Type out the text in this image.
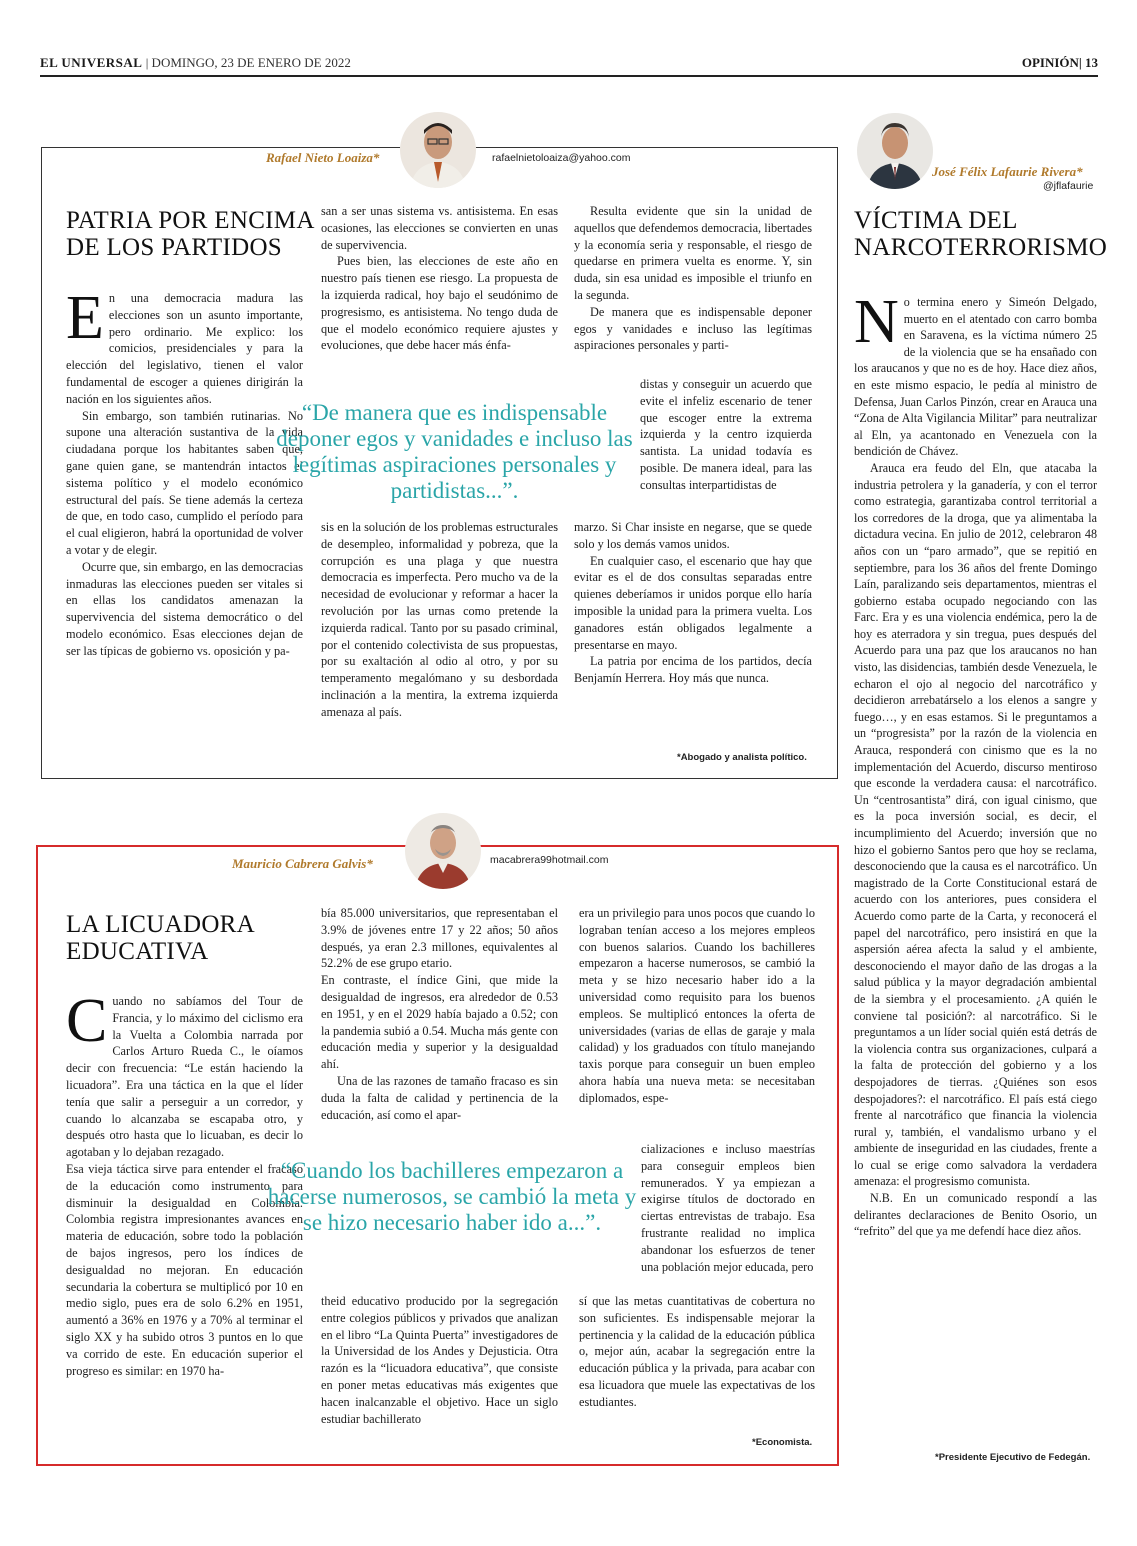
EL UNIVERSAL | DOMINGO, 23 DE ENERO DE 2022	OPINIÓN| 13
Rafael Nieto Loaiza*	rafaelnietoloaiza@yahoo.com
PATRIA POR ENCIMA
DE LOS PARTIDOS

En una democracia madura las elecciones son un asunto importante, pero ordinario. Me explico: los comicios, presidenciales y para la elección del legislativo, tienen el valor fundamental de escoger a quienes dirigirán la nación en los siguientes años.

Sin embargo, son también rutinarias. No supone una alteración sustantiva de la vida ciudadana porque los habitantes saben que, gane quien gane, se mantendrán intactos el sistema político y el modelo económico estructural del país. Se tiene además la certeza de que, en todo caso, cumplido el período para el cual eligieron, habrá la oportunidad de volver a votar y de elegir.

Ocurre que, sin embargo, en las democracias inmaduras las elecciones pueden ser vitales si en ellas los candidatos amenazan la supervivencia del sistema democrático o del modelo económico. Esas elecciones dejan de ser las típicas de gobierno vs. oposición y pa-

san a ser unas sistema vs. antisistema. En esas ocasiones, las elecciones se convierten en unas de supervivencia.

Pues bien, las elecciones de este año en nuestro país tienen ese riesgo. La propuesta de la izquierda radical, hoy bajo el seudónimo de progresismo, es antisistema. No tengo duda de que el modelo económico requiere ajustes y evoluciones, que debe hacer más énfa-

“De manera que es indispensable deponer egos y vanidades e incluso las legítimas aspiraciones personales y partidistas...”.

sis en la solución de los problemas estructurales de desempleo, informalidad y pobreza, que la corrupción es una plaga y que nuestra democracia es imperfecta. Pero mucho va de la necesidad de evolucionar y reformar a hacer la revolución por las urnas como pretende la izquierda radical. Tanto por su pasado criminal, por el contenido colectivista de sus propuestas, por su exaltación al odio al otro, y por su temperamento megalómano y su desbordada inclinación a la mentira, la extrema izquierda amenaza al país.

Resulta evidente que sin la unidad de aquellos que defendemos democracia, libertades y la economía seria y responsable, el riesgo de quedarse en primera vuelta es enorme. Y, sin duda, sin esa unidad es imposible el triunfo en la segunda.

De manera que es indispensable deponer egos y vanidades e incluso las legítimas aspiraciones personales y parti-

distas y conseguir un acuerdo que evite el infeliz escenario de tener que escoger entre la extrema izquierda y la centro izquierda santista. La unidad todavía es posible. De manera ideal, para las consultas interpartidistas de

marzo. Si Char insiste en negarse, que se quede solo y los demás vamos unidos.

En cualquier caso, el escenario que hay que evitar es el de dos consultas separadas entre quienes deberíamos ir unidos porque ello haría imposible la unidad para la primera vuelta. Los ganadores están obligados legalmente a presentarse en mayo.

La patria por encima de los partidos, decía Benjamín Herrera. Hoy más que nunca.

*Abogado y analista político.
Mauricio Cabrera Galvis*	macabrera99hotmail.com
LA LICUADORA
EDUCATIVA

Cuando no sabíamos del Tour de Francia, y lo máximo del ciclismo era la Vuelta a Colombia narrada por Carlos Arturo Rueda C., le oíamos decir con frecuencia: “Le están haciendo la licuadora”. Era una táctica en la que el líder tenía que salir a perseguir a un corredor, y cuando lo alcanzaba se escapaba otro, y después otro hasta que lo licuaban, es decir lo agotaban y lo dejaban rezagado.

Esa vieja táctica sirve para entender el fracaso de la educación como instrumento para disminuir la desigualdad en Colombia. Colombia registra impresionantes avances en materia de educación, sobre todo la población de bajos ingresos, pero los índices de desigualdad no mejoran. En educación secundaria la cobertura se multiplicó por 10 en medio siglo, pues era de solo 6.2% en 1951, aumentó a 36% en 1976 y a 70% al terminar el siglo XX y ha subido otros 3 puntos en lo que va corrido de este. En educación superior el progreso es similar: en 1970 ha-

bía 85.000 universitarios, que representaban el 3.9% de jóvenes entre 17 y 22 años; 50 años después, ya eran 2.3 millones, equivalentes al 52.2% de ese grupo etario.

En contraste, el índice Gini, que mide la desigualdad de ingresos, era alrededor de 0.53 en 1951, y en el 2029 había bajado a 0.52; con la pandemia subió a 0.54. Mucha más gente con educación media y superior y la desigualdad ahí.

Una de las razones de tamaño fracaso es sin duda la falta de calidad y pertinencia de la educación, así como el apar-

“Cuando los bachilleres empezaron a hacerse numerosos, se cambió la meta y se hizo necesario haber ido a...”.

theid educativo producido por la segregación entre colegios públicos y privados que analizan en el libro “La Quinta Puerta” investigadores de la Universidad de los Andes y Dejusticia. Otra razón es la “licuadora educativa”, que consiste en poner metas educativas más exigentes que hacen inalcanzable el objetivo. Hace un siglo estudiar bachillerato

era un privilegio para unos pocos que cuando lo lograban tenían acceso a los mejores empleos con buenos salarios. Cuando los bachilleres empezaron a hacerse numerosos, se cambió la meta y se hizo necesario haber ido a la universidad como requisito para los buenos empleos. Se multiplicó entonces la oferta de universidades (varias de ellas de garaje y mala calidad) y los graduados con título manejando taxis porque para conseguir un buen empleo ahora había una nueva meta: se necesitaban diplomados, espe-

cializaciones e incluso maestrías para conseguir empleos bien remunerados. Y ya empiezan a exigirse títulos de doctorado en ciertas entrevistas de trabajo. Esa frustrante realidad no implica abandonar los esfuerzos de tener una población mejor educada, pero

sí que las metas cuantitativas de cobertura no son suficientes. Es indispensable mejorar la pertinencia y la calidad de la educación pública o, mejor aún, acabar la segregación entre la educación pública y la privada, para acabar con esa licuadora que muele las expectativas de los estudiantes.

*Economista.
José Félix Lafaurie Rivera*
@jflafaurie
VÍCTIMA DEL
NARCOTERRORISMO

No termina enero y Simeón Delgado, muerto en el atentado con carro bomba en Saravena, es la víctima número 25 de la violencia que se ha ensañado con los araucanos y que no es de hoy. Hace diez años, en este mismo espacio, le pedía al ministro de Defensa, Juan Carlos Pinzón, crear en Arauca una “Zona de Alta Vigilancia Militar” para neutralizar al Eln, ya acantonado en Venezuela con la bendición de Chávez.

Arauca era feudo del Eln, que atacaba la industria petrolera y la ganadería, y con el terror como estrategia, garantizaba control territorial a los corredores de la droga, que ya alimentaba la dictadura vecina. En julio de 2012, celebraron 48 años con un “paro armado”, que se repitió en septiembre, para los 36 años del frente Domingo Laín, paralizando seis departamentos, mientras el gobierno estaba ocupado negociando con las Farc. Era y es una violencia endémica, pero la de hoy es aterradora y sin tregua, pues después del Acuerdo para una paz que los araucanos no han visto, las disidencias, también desde Venezuela, le echaron el ojo al negocio del narcotráfico y decidieron arrebatárselo a los elenos a sangre y fuego…, y en esas estamos. Si le preguntamos a un “progresista” por la razón de la violencia en Arauca, responderá con cinismo que es la no implementación del Acuerdo, discurso mentiroso que esconde la verdadera causa: el narcotráfico. Un “centrosantista” dirá, con igual cinismo, que es la poca inversión social, es decir, el incumplimiento del Acuerdo; inversión que no hizo el gobierno Santos pero que hoy se reclama, desconociendo que la causa es el narcotráfico. Un magistrado de la Corte Constitucional estará de acuerdo con los anteriores, pues considera el Acuerdo como parte de la Carta, y reconocerá el papel del narcotráfico, pero insistirá en que la aspersión aérea afecta la salud y el ambiente, desconociendo el mayor daño de las drogas a la salud pública y la mayor degradación ambiental de la siembra y el procesamiento. ¿A quién le conviene tal posición?: al narcotráfico. Si le preguntamos a un líder social quién está detrás de la violencia contra sus organizaciones, culpará a la falta de protección del gobierno y a los despojadores de tierras. ¿Quiénes son esos despojadores?: el narcotráfico. El país está ciego frente al narcotráfico que financia la violencia rural y, también, el vandalismo urbano y el ambiente de inseguridad en las ciudades, frente a lo cual se erige como salvadora la verdadera amenaza: el progresismo comunista.

N.B. En un comunicado respondí a las delirantes declaraciones de Benito Osorio, un “refrito” del que ya me defendí hace diez años.

*Presidente Ejecutivo de Fedegán.
